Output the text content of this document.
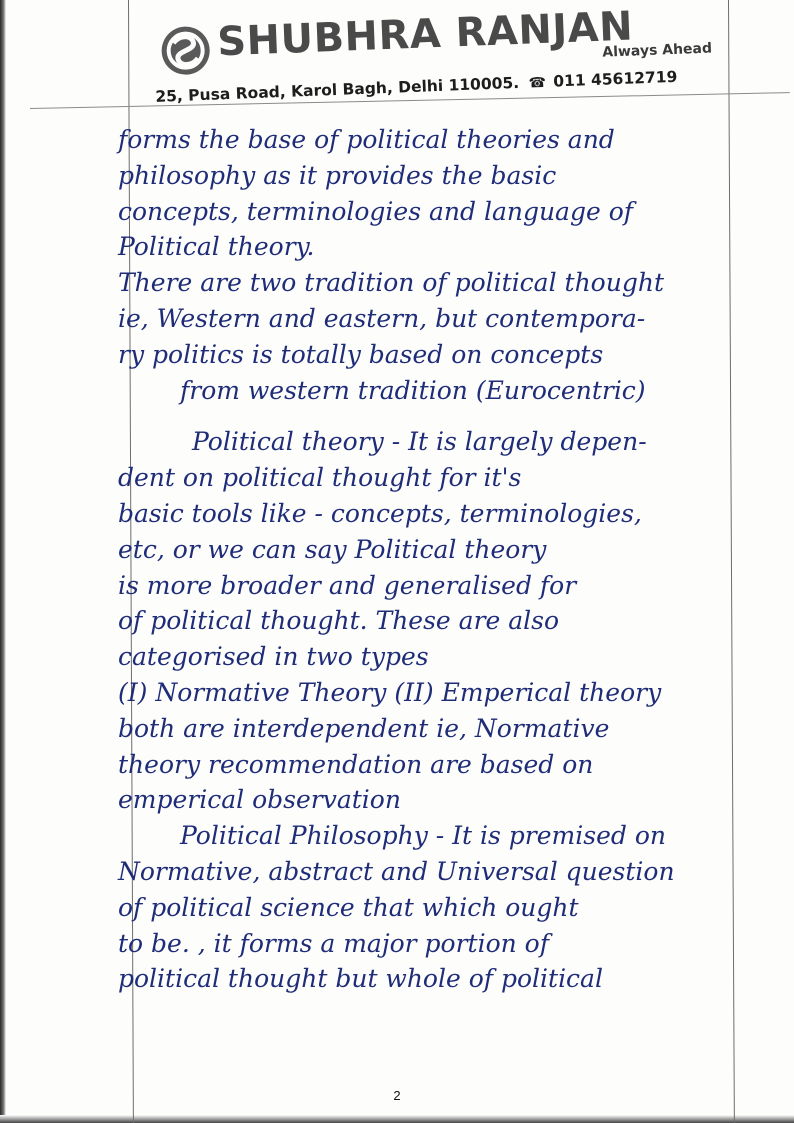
SHUBHRA RANJAN
Always Ahead
25, Pusa Road, Karol Bagh, Delhi 110005. ☎ 011 45612719
forms the base of political theories and
philosophy as it provides the basic
concepts, terminologies and language of
Political theory.
There are two tradition of political thought
ie, Western and eastern, but contempora-
ry politics is totally based on concepts
from western tradition (Eurocentric)
Political theory - It is largely depen-
dent on political thought for it's
basic tools like - concepts, terminologies,
etc, or we can say Political theory
is more broader and generalised for
of political thought. These are also
categorised in two types
(I) Normative Theory (II) Emperical theory
both are interdependent ie, Normative
theory recommendation are based on
emperical observation
Political Philosophy - It is premised on
Normative, abstract and Universal question
of political science that which ought
to be. , it forms a major portion of
political thought but whole of political
2
